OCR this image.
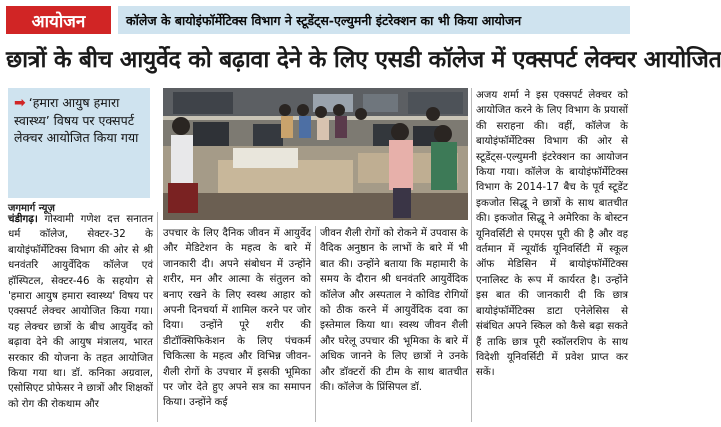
आयोजन	कॉलेज के बायोइंफॉर्मेटिक्स विभाग ने स्टूडेंट्स-एल्युमनी इंटरेक्शन का भी किया आयोजन
छात्रों के बीच आयुर्वेद को बढ़ावा देने के लिए एसडी कॉलेज में एक्सपर्ट लेक्चर आयोजित

➡ ‘हमारा आयुष हमारा स्वास्थ्य’ विषय पर एक्सपर्ट लेक्चर आयोजित किया गया

जगमार्ग न्यूज़
चंडीगढ़। गोस्वामी गणेश दत्त सनातन धर्म कॉलेज, सेक्टर-32 के बायोइंफॉर्मेटिक्स विभाग की ओर से श्री धनवंतरि आयुर्वेदिक कॉलेज एवं हॉस्पिटल, सेक्टर-46 के सहयोग से 'हमारा आयुष हमारा स्वास्थ्य' विषय पर एक्सपर्ट लेक्चर आयोजित किया गया। यह लेक्चर छात्रों के बीच आयुर्वेद को बढ़ावा देने की आयुष मंत्रालय, भारत सरकार की योजना के तहत आयोजित किया गया था। डॉ. कनिका अग्रवाल, एसोसिएट प्रोफेसर ने छात्रों और शिक्षकों को रोग की रोकथाम और
उपचार के लिए दैनिक जीवन में आयुर्वेद और मेडिटेशन के महत्व के बारे में जानकारी दी। अपने संबोधन में उन्होंने शरीर, मन और आत्मा के संतुलन को बनाए रखने के लिए स्वस्थ आहार को अपनी दिनचर्या में शामिल करने पर जोर दिया। उन्होंने पूरे शरीर की डीटॉक्सिफिकेशन के लिए पंचकर्म चिकित्सा के महत्व और विभिन्न जीवन-शैली रोगों के उपचार में इसकी भूमिका पर जोर देते हुए अपने सत्र का समापन किया। उन्होंने कई
जीवन शैली रोगों को रोकने में उपवास के वैदिक अनुष्ठान के लाभों के बारे में भी बात की। उन्होंने बताया कि महामारी के समय के दौरान श्री धनवंतरि आयुर्वेदिक कॉलेज और अस्पताल ने कोविड रोगियों को ठीक करने में आयुर्वेदिक दवा का इस्तेमाल किया था। स्वस्थ जीवन शैली और घरेलू उपचार की भूमिका के बारे में अधिक जानने के लिए छात्रों ने उनके और डॉक्टरों की टीम के साथ बातचीत की। कॉलेज के प्रिंसिपल डॉ.
अजय शर्मा ने इस एक्सपर्ट लेक्चर को आयोजित करने के लिए विभाग के प्रयासों की सराहना की। वहीं, कॉलेज के बायोइंफॉर्मेटिक्स विभाग की ओर से स्टूडेंट्स-एल्युमनी इंटरेक्शन का आयोजन किया गया। कॉलेज के बायोइंफॉर्मेटिक्स विभाग के 2014-17 बैच के पूर्व स्टूडेंट इकजोत सिद्धू ने छात्रों के साथ बातचीत की। इकजोत सिद्धू ने अमेरिका के बोस्टन यूनिवर्सिटी से एमएस पूरी की है और वह वर्तमान में न्यूयॉर्क यूनिवर्सिटी में स्कूल ऑफ मेडिसिन में बायोइंफॉर्मेटिक्स एनालिस्ट के रूप में कार्यरत है। उन्होंने इस बात की जानकारी दी कि छात्र बायोइंफॉर्मेटिक्स डाटा एनेलेसिस से संबंधित अपने स्किल को कैसे बढ़ा सकते हैं ताकि छात्र पूरी स्कॉलरशिप के साथ विदेशी यूनिवर्सिटी में प्रवेश प्राप्त कर सकें।
